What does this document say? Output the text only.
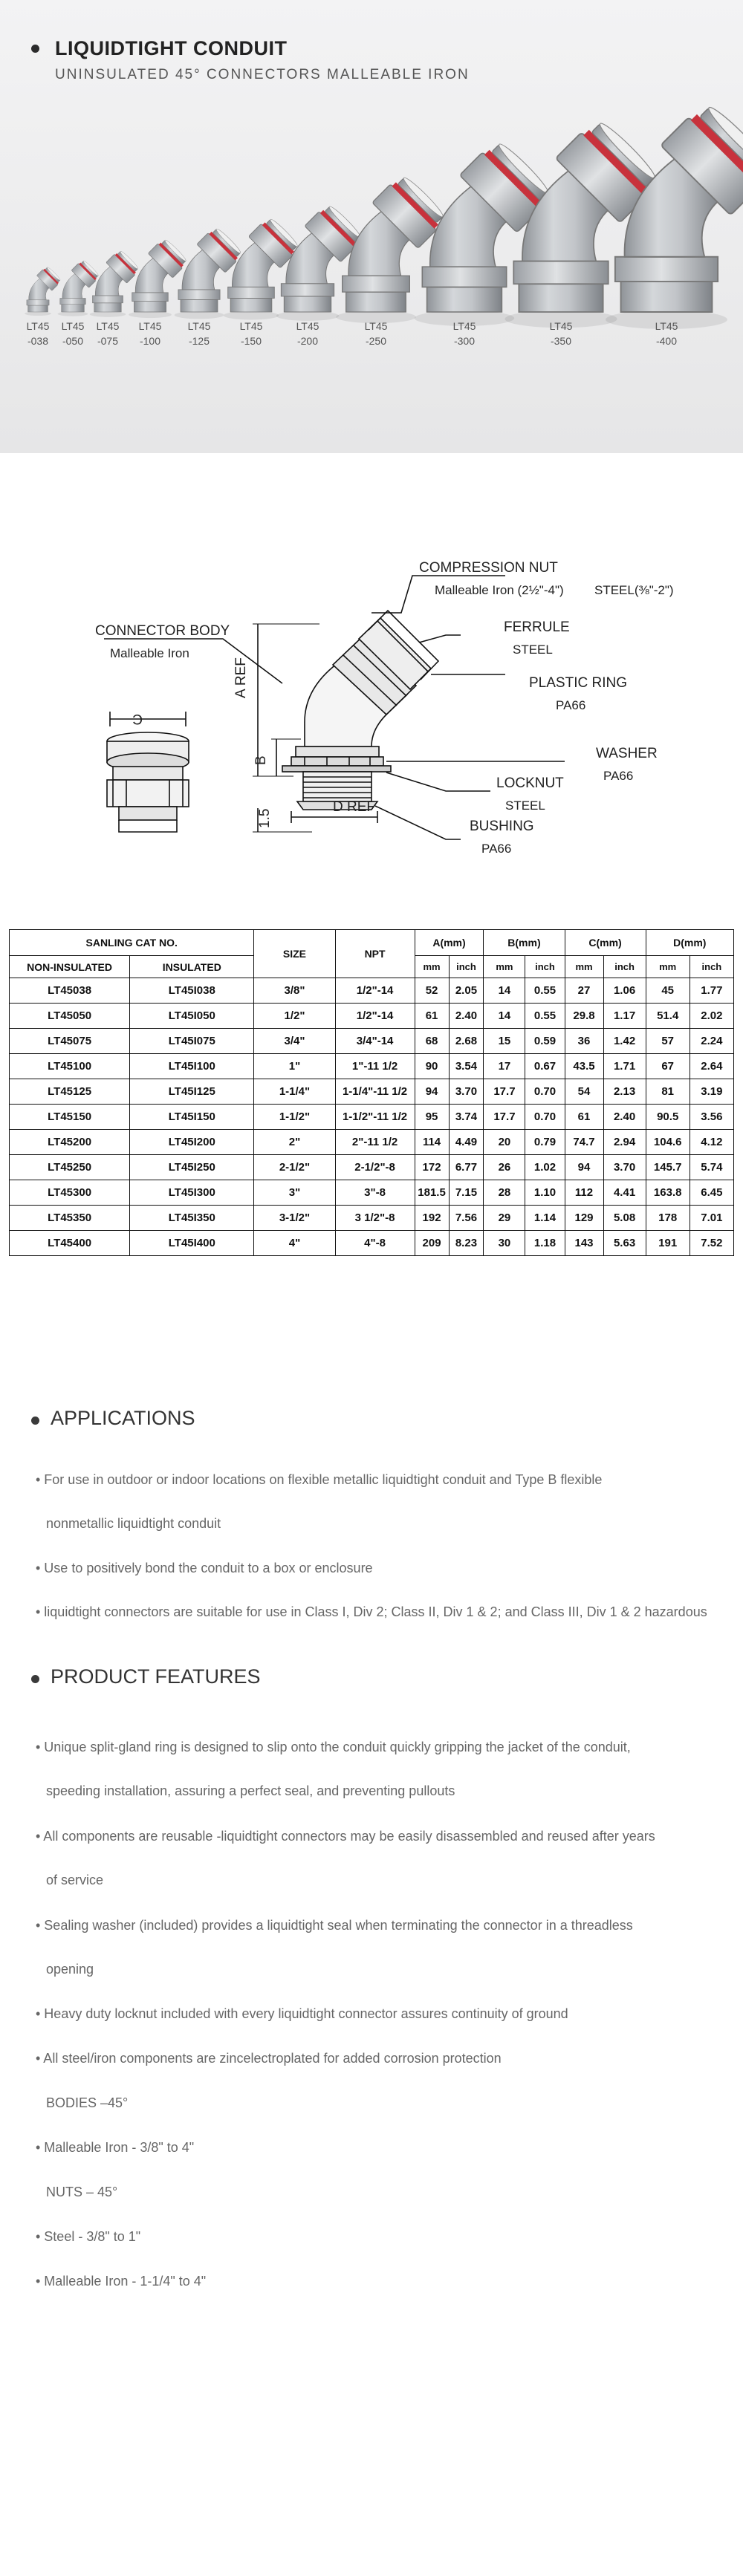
LIQUIDTIGHT CONDUIT
UNINSULATED 45° CONNECTORS MALLEABLE IRON
LT45
-038
LT45
-050
LT45
-075
LT45
-100
LT45
-125
LT45
-150
LT45
-200
LT45
-250
LT45
-300
LT45
-350
LT45
-400
COMPRESSION NUT
Malleable Iron (2½"-4") STEEL(⅜"-2")
FERRULE
STEEL
PLASTIC RING
PA66
CONNECTOR BODY
Malleable Iron
WASHER
PA66
LOCKNUT
STEEL
BUSHING
PA66
A REF
B
1.5
C
D REF
SANLING CAT NO.		SIZE	NPT	A(mm)		B(mm)		C(mm)		D(mm)	
NON-INSULATED	INSULATED			mm	inch	mm	inch	mm	inch	mm	inch
LT45038	LT45I038	3/8"	1/2"-14	52	2.05	14	0.55	27	1.06	45	1.77
LT45050	LT45I050	1/2"	1/2"-14	61	2.40	14	0.55	29.8	1.17	51.4	2.02
LT45075	LT45I075	3/4"	3/4"-14	68	2.68	15	0.59	36	1.42	57	2.24
LT45100	LT45I100	1"	1"-11 1/2	90	3.54	17	0.67	43.5	1.71	67	2.64
LT45125	LT45I125	1-1/4"	1-1/4"-11 1/2	94	3.70	17.7	0.70	54	2.13	81	3.19
LT45150	LT45I150	1-1/2"	1-1/2"-11 1/2	95	3.74	17.7	0.70	61	2.40	90.5	3.56
LT45200	LT45I200	2"	2"-11 1/2	114	4.49	20	0.79	74.7	2.94	104.6	4.12
LT45250	LT45I250	2-1/2"	2-1/2"-8	172	6.77	26	1.02	94	3.70	145.7	5.74
LT45300	LT45I300	3"	3"-8	181.5	7.15	28	1.10	112	4.41	163.8	6.45
LT45350	LT45I350	3-1/2"	3 1/2"-8	192	7.56	29	1.14	129	5.08	178	7.01
LT45400	LT45I400	4"	4"-8	209	8.23	30	1.18	143	5.63	191	7.52
APPLICATIONS
• For use in outdoor or indoor locations on flexible metallic liquidtight conduit and Type B flexible
nonmetallic liquidtight conduit
• Use to positively bond the conduit to a box or enclosure
• liquidtight connectors are suitable for use in Class I, Div 2; Class II, Div 1 & 2; and Class III, Div 1 & 2 hazardous
PRODUCT FEATURES
• Unique split-gland ring is designed to slip onto the conduit quickly gripping the jacket of the conduit,
speeding installation, assuring a perfect seal, and preventing pullouts
• All components are reusable -liquidtight connectors may be easily disassembled and reused after years
of service
• Sealing washer (included) provides a liquidtight seal when terminating the connector in a threadless
opening
• Heavy duty locknut included with every liquidtight connector assures continuity of ground
• All steel/iron components are zincelectroplated for added corrosion protection
BODIES –45°
• Malleable Iron - 3/8" to 4"
NUTS – 45°
• Steel - 3/8" to 1"
• Malleable Iron - 1-1/4" to 4"
